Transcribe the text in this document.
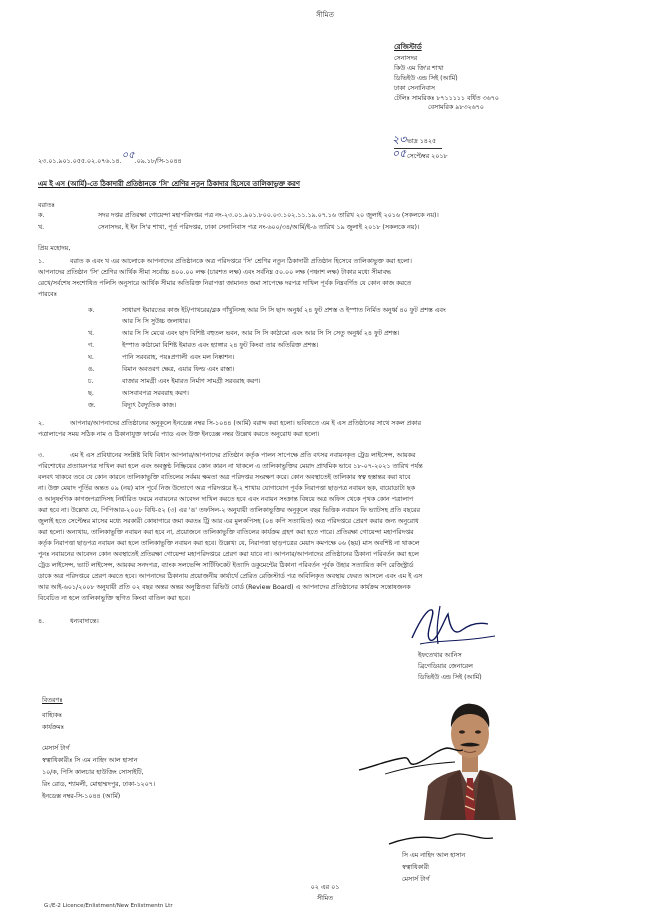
সীমিত
রেজিস্টার্ড
সেনাসদর
কিউ এম জি'র শাখা
ডিভিইউ এন্ড সিই (আর্মি)
ঢাকা সেনানিবাস
টেলিঃ সামরিকঃ ৮৭১১১১১ বর্ধিত ৩৬৭০
বেসামরিক ৯৮৩২৬৭০
২৩ ভাদ্র ১৪২৫
০৫ সেপ্টেম্বর ২০১৮
২৩.০১.৯০১.০৫৫.০২.০৭৬.১৪.০৫.০৯.১৮/সি-১০৪৪
এম ই এস (আর্মি)-তে ঠিকাদারী প্রতিষ্ঠানকে 'সি' শ্রেণির নতুন ঠিকাদার হিসেবে তালিকাভুক্ত করণ
বরাতঃ
ক.	সদর দপ্তর প্রতিরক্ষা গোয়েন্দা মহাপরিদপ্তর পত্র নং-২৩.০১.৯০১.৮০০.০৩.১০২.১১.১৯.০৭.১৬ তারিখ ২০ জুলাই ২০১৬ (সকলকে নয়)।
খ.	সেনাসদর, ই ইন সি'র শাখা, পূর্ত পরিদপ্তর, ঢাকা সেনানিবাস পত্র নং-৬০০/৩৪/আর্মি/ই-৬ তারিখ ১৯ জুলাই ২০১৮ (সকলকে নয়)।
প্রিয় মহোদয়,
১.	বরাত ক এবং খ এর আলোকে আপনাদের প্রতিষ্ঠানকে অত্র পরিদপ্তরে 'সি' শ্রেণির নতুন ঠিকাদারী প্রতিষ্ঠান হিসেবে তালিকাভুক্ত করা হলো।
আপনাদের প্রতিষ্ঠান 'সি' শ্রেণির আর্থিক সীমা সর্বোচ্চ ৪০০.০০ লক্ষ (চারশত লক্ষ) এবং সর্বনিম্ন ৫০.০০ লক্ষ (পঞ্চাশ লক্ষ) টাকার মধ্যে সীমাবদ্ধ
রেখে/সর্বশেষ সংশোধিত পলিসি অনুসারে আর্থিক সীমার অতিরিক্ত নিরাপত্তা জামানত জমা সাপেক্ষে দরপত্র দাখিল পূর্বক নিম্নবর্ণিত যে কোন কাজ করতে
পারবেঃ
ক.	সাধারণ ইমারতের কাজ ইট/পাথরের/ব্লক গাঁথুনিসহ আর সি সি ছাদ অনুর্ধ্ব ২৪ ফুট প্রশস্ত ও ইস্পাত নির্মিত অনুর্ধ্ব ৪০ ফুট প্রশস্ত এবং
আর সি সি সুউচ্চ জলাধার।
খ.	আর সি সি মেঝে এবং ছাদ বিশিষ্ট বহুতল ভবন, আর সি সি কাঠামো এবং আর সি সি সেতু অনুর্ধ্ব ২৪ ফুট প্রশস্ত।
গ.	ইস্পাত কাঠামো বিশিষ্ট ইমারত এবং হ্যাঙ্গার ২৪ ফুট কিংবা তার অতিরিক্ত প্রশস্ত।
ঘ.	পানি সরবরাহ, পয়ঃপ্রণালী এবং মল নিষ্কাশন।
ঙ.	বিমান অবতরণ ক্ষেত্র, এয়ার ফিল্ড এবং রাস্তা।
চ.	বাজার সামগ্রী এবং ইমারত নির্মাণ সামগ্রী সরবরাহ করণ।
ছ.	আসবাবপত্র সরবরাহ করণ।
জ.	বিদ্যুৎ বৈদ্যুতিক কাজ।
২.	আপনার/আপনাদের প্রতিষ্ঠানের অনুকূলে ইনডেক্স নম্বর সি-১০৪৪ (আর্মি) বরাদ্দ করা হলো। ভবিষ্যতে এম ই এস প্রতিষ্ঠানের সাথে সকল প্রকার
পত্রালাপের সময় সঠিক নাম ও ঠিকানাযুক্ত ফার্মের প্যাড এবং উক্ত ইনডেক্স নম্বর উল্লেখ করতে অনুরোধ করা হলো।
৩.	এম ই এস প্রবিধানের সংশ্লিষ্ট বিধি বিধান আপনার/আপনাদের প্রতিষ্ঠান কর্তৃক পালন সাপেক্ষে প্রতি বৎসর নবায়নকৃত ট্রেড লাইসেন্স, আয়কর
পরিশোধের প্রত্যায়নপত্র দাখিল করা হলে এবং অবস্তুণ্ঠ নিষ্ক্রিয়ের কোন কারন না থাকলে এ তালিকাভুক্তির মেয়াদ প্রাথমিক ভাবে ১৮-০৭-২০২১ তারিখ পর্যন্ত
বলবৎ থাকবে তবে যে কোন কারনে তালিকাভুক্তি বাতিলের সর্বময় ক্ষমতা অত্র পরিদপ্তর সংরক্ষণ করে। কোন অবস্থাতেই তালিকার স্বত্ব হস্তান্তর করা যাবে
না। উক্ত মেয়াদ পূর্তির অন্তত ০৯ (নয়) মাস পূর্বে নিজ উদ্যোগে অত্র পরিদপ্তরে ই-২ শাখায় যোগাযোগ পূর্বক নিরাপত্তা ছাড়পত্র নবায়ন ছক, বায়োডাটা ছক
ও আনুষংগিক কাগজপত্রাদিসহ নির্ধারিত ফরমে নবায়নের আবেদন দাখিল করতে হবে এবং নবায়ন সংক্রান্ত বিষয়ে অত্র অফিস থেকে পৃথক কোন পত্রালাপ
করা হবে না। উল্লেখ্য যে, পিপিআর-২০০৮ বিধি-৫২ (৩) এর 'ঙ' তফসিল-২ অনুযায়ী তালিকাভুক্তির অনুকূলে বছর ভিত্তিক নবায়ন ফি ভ্যাটসহ প্রতি বছরের
জুলাই হতে সেপ্টেম্বর মাসের মধ্যে সরকারী কোষাগারে জমা করতঃ ট্রি আর এর মুলকপিসহ (০৪ কপি সত্যায়িত) অত্র পরিদপ্তরে প্রেরণ করার জন্য অনুরোধ
করা হলো। অন্যথায়, তালিকাভুক্তি নবায়ন করা হবে না, প্রয়োজনে তালিকাভুক্তি বাতিলের কার্যক্রম গ্রহণ করা হতে পারে। প্রতিরক্ষা গোয়েন্দা মহাপরিদপ্তর
কর্তৃক নিরাপত্তা ছাড়পত্র নবায়ন করা হলে তালিকাভুক্তি নবায়ন করা হবে। উল্লেখ্য যে, নিরাপত্তা ছাড়পত্রের মেয়াদ কমপক্ষে ০৬ (ছয়) মাস অবশিষ্ট না থাকলে
পুনঃ নবায়নের আবেদন কোন অবস্থাতেই প্রতিরক্ষা গোয়েন্দা মহাপরিদপ্তরে প্রেরণ করা যাবে না। আপনার/আপনাদের প্রতিষ্ঠানের ঠিকানা পরিবর্তন করা হলে
ট্রেড লাইসেন্স, ভ্যাট লাইসেন্স, আয়কর সনদপত্র, ব্যাংক সলভেন্সি সার্টিফিকেট ইত্যাদি ডকুমেন্টের ঠিকানা পরিবর্তন পূর্বক উহার সত্যায়িত কপি রেজিস্ট্রার্ড
ডাকে অত্র পরিদপ্তরে প্রেরণ করতে হবে। আপনাদের ঠিকানায় প্রয়োজনীয় কার্যার্থে প্রেরিত রেজিস্টার্ড পত্র অবিলিকৃত অবস্থায় ফেরত আসলে এবং এম ই এস
আর আই-৬০১/২০০৮ অনুযায়ী প্রতি ০২ বছর অন্তর অন্তর অনুষ্ঠিতব্য রিভিউ বোর্ড (Review Board) এ আপনাদের প্রতিষ্ঠানের কার্যক্রম সন্তোষজনক
বিবেচিত না হলে তালিকাভুক্তি স্থগিত কিংবা বাতিল করা হবে।
৪.	ধন্যবাদান্তে।
ইফতেখার আনিস
ব্রিগেডিয়ার জেনারেল
ডিভিইউ এন্ড সিই (আর্মি)
বিতরণঃ
বাহ্যিকঃ
কার্যক্রমঃ
মেসার্স টার্গ
স্বত্বাধিকারীঃ সি এম নাহিদ আল হাসান
১০/ক, পিসি কালচার হাউজিং সোসাইটি,
রিং রোড, শ্যামলী, মোহাম্মদপুর, ঢাকা-১২০৭।
ইনডেক্স নম্বর-সি-১০৪৪ (আর্মি)
সি এম নাহিদ আল হাসান
স্বত্বাধিকারী
মেসার্স টার্গ
০২ এর ০১
সীমিত
G:/E-2 Licence/Enlistment/New Enlistmentn Ltr
